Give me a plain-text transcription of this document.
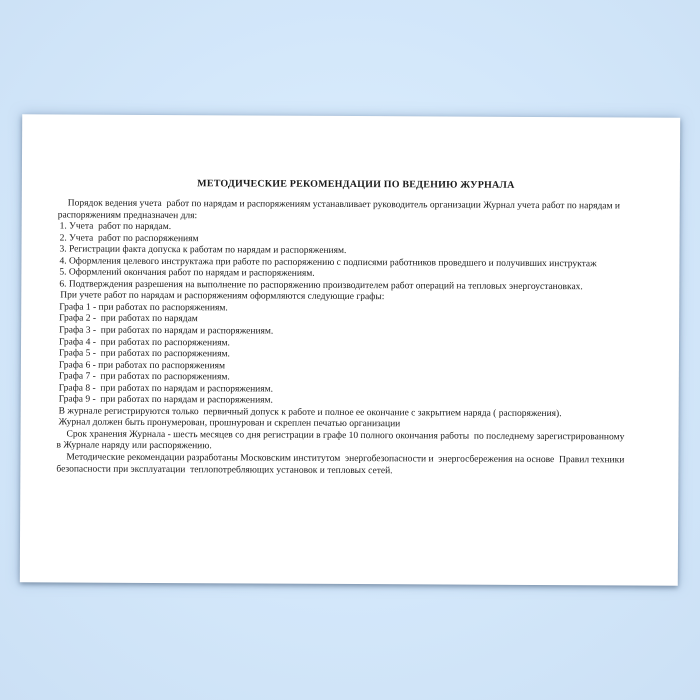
МЕТОДИЧЕСКИЕ РЕКОМЕНДАЦИИ ПО ВЕДЕНИЮ ЖУРНАЛА
Порядок ведения учета  работ по нарядам и распоряжениям устанавливает руководитель организации Журнал учета работ по нарядам и
распоряжениям предназначен для:
1. Учета  работ по нарядам.
2. Учета  работ по распоряжениям
3. Регистрации факта допуска к работам по нарядам и распоряжениям.
4. Оформления целевого инструктажа при работе по распоряжению с подписями работников проведшего и получивших инструктаж
5. Оформлений окончания работ по нарядам и распоряжениям.
6. Подтверждения разрешения на выполнение по распоряжению производителем работ операций на тепловых энергоустановках.
При учете работ по нарядам и распоряжениям оформляются следующие графы:
Графа 1 - при работах по распоряжениям.
Графа 2 -  при работах по нарядам
Графа 3 -  при работах по нарядам и распоряжениям.
Графа 4 -  при работах по распоряжениям.
Графа 5 -  при работах по распоряжениям.
Графа 6 - при работах по распоряжениям
Графа 7 -  при работах по распоряжениям.
Графа 8 -  при работах по нарядам и распоряжениям.
Графа 9 -  при работах по нарядам и распоряжениям.
В журнале регистрируются только  первичный допуск к работе и полное ее окончание с закрытием наряда ( распоряжения).
Журнал должен быть пронумерован, прошнурован и скреплен печатью организации
Срок хранения Журнала - шесть месяцев со дня регистрации в графе 10 полного окончания работы  по последнему зарегистрированному
в Журнале наряду или распоряжению.
Методические рекомендации разработаны Московским институтом  энергобезопасности и  энергосбережения на основе  Правил техники
безопасности при эксплуатации  теплопотребляющих установок и тепловых сетей.
